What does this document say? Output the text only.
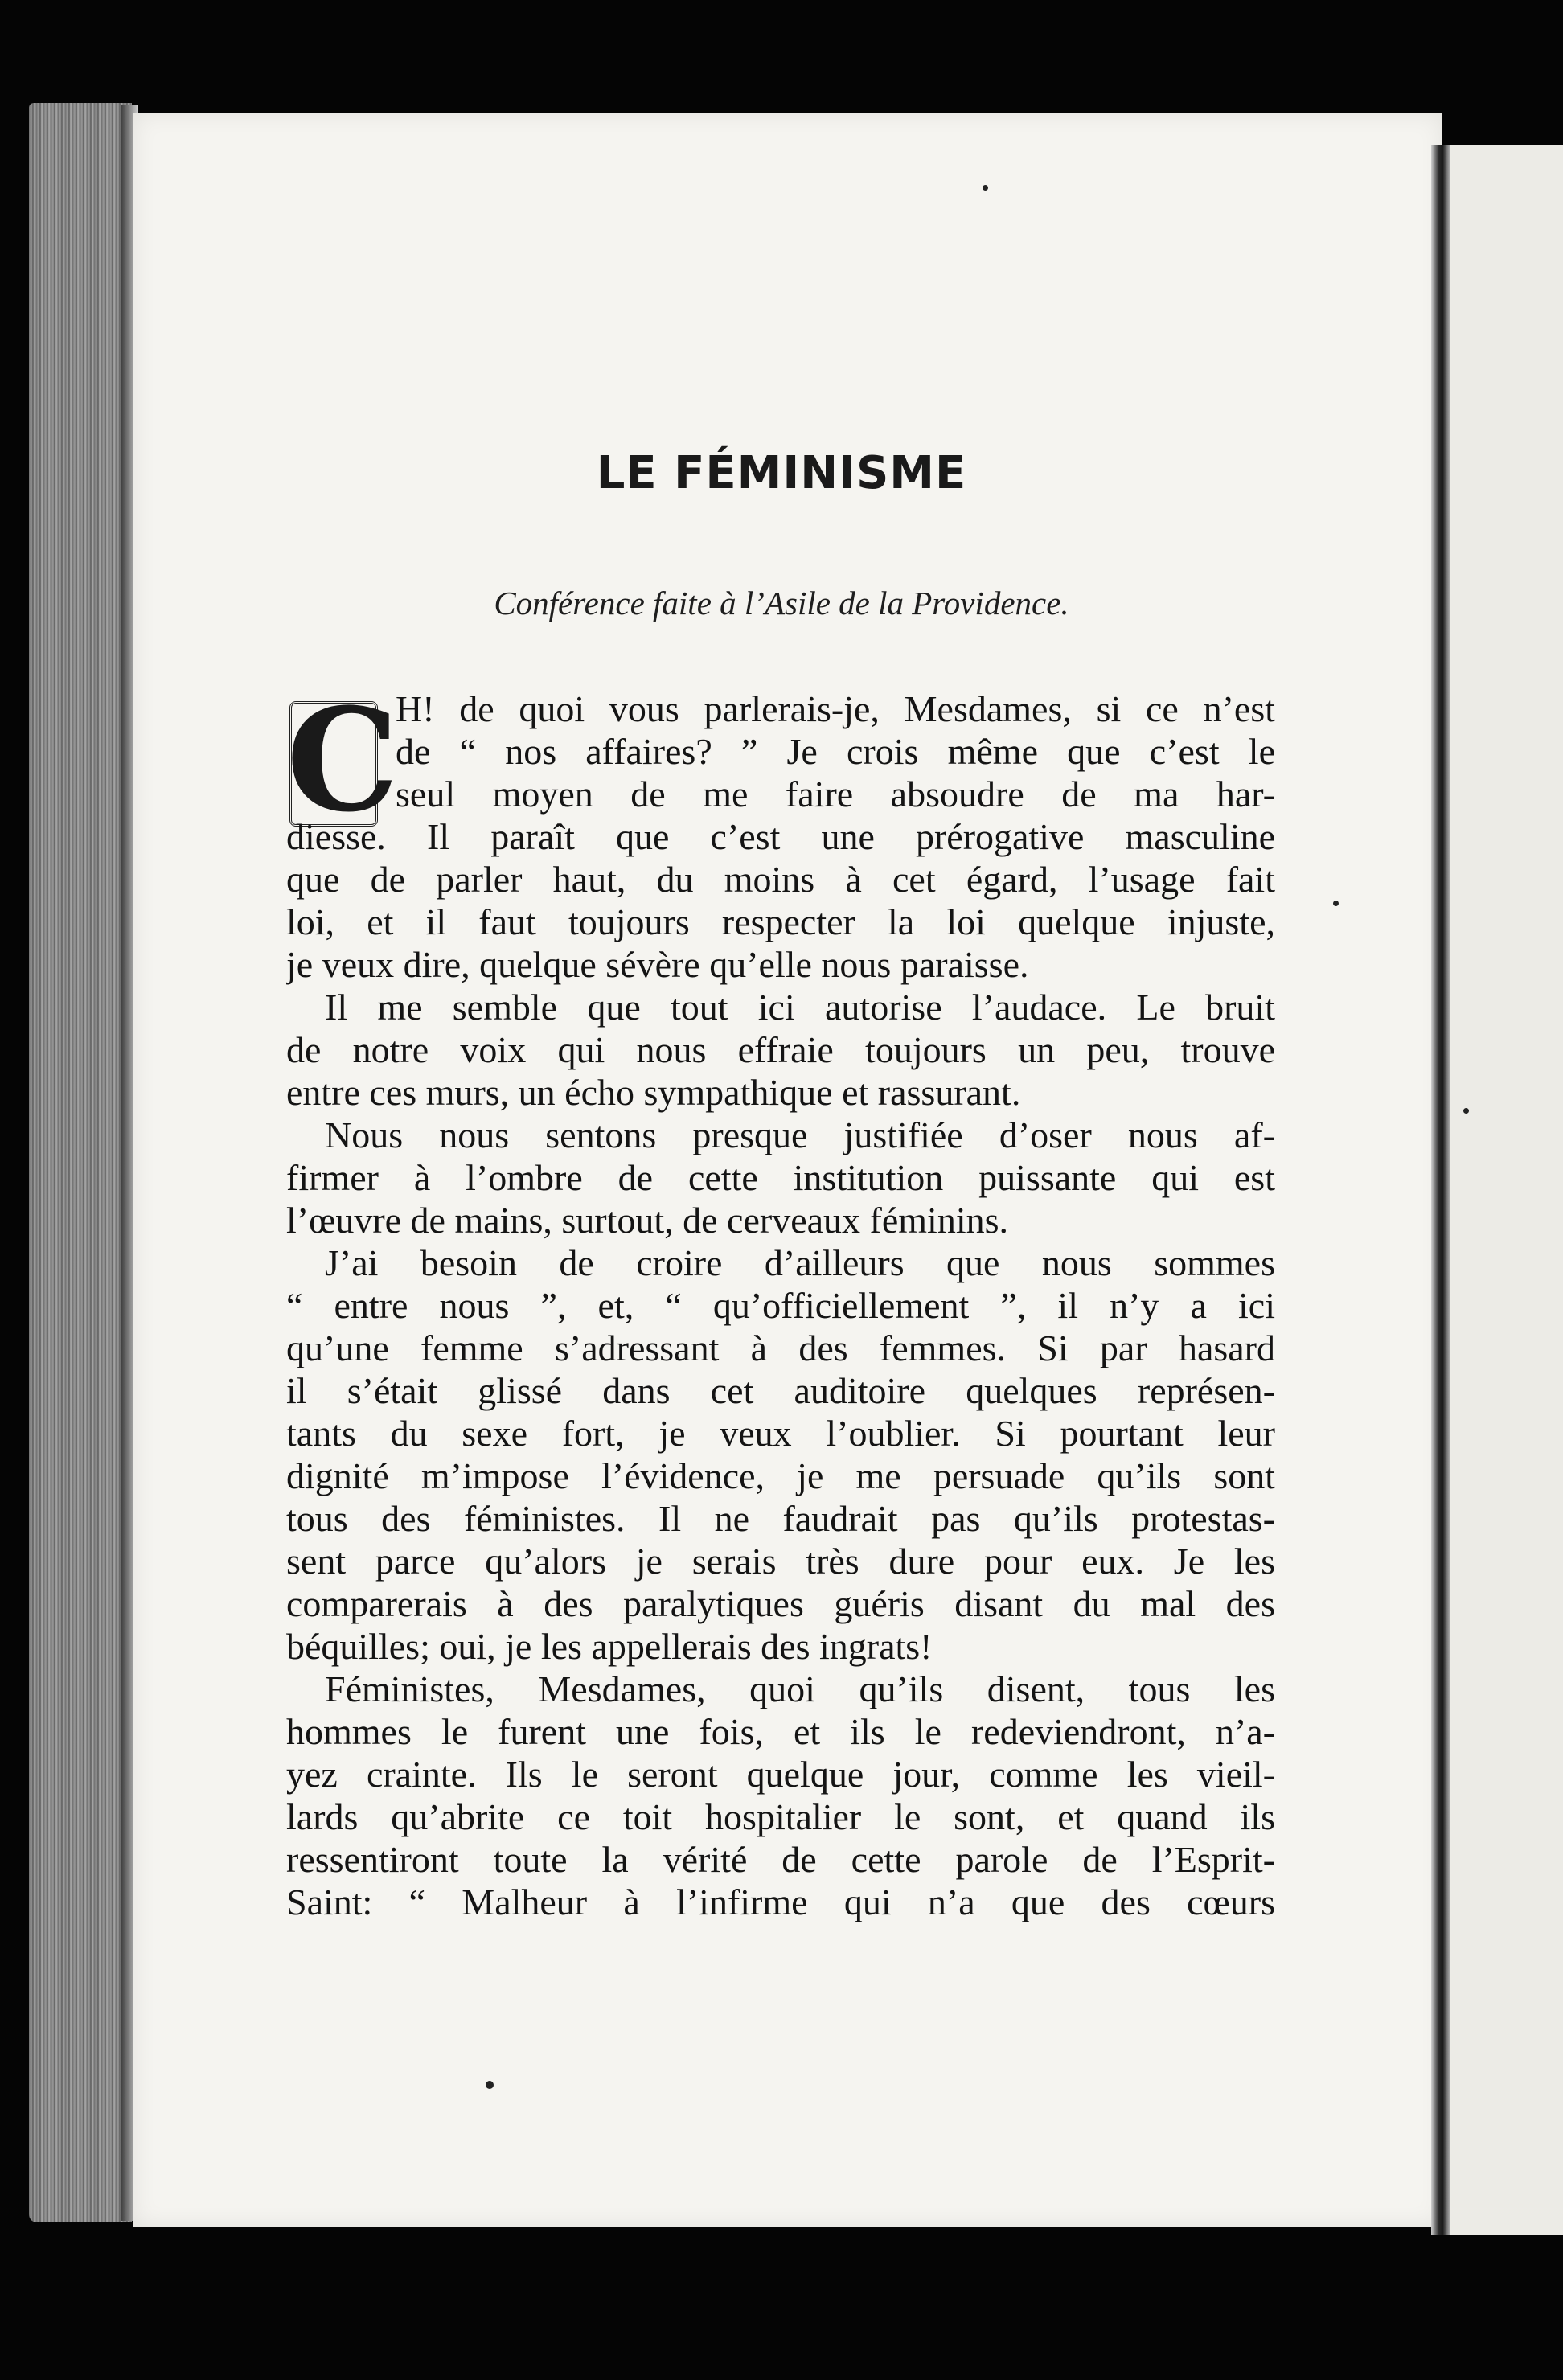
LE FÉMINISME
Conférence faite à l’Asile de la Providence.
C
H! de quoi vous parlerais-je, Mesdames, si ce n’est
de “ nos affaires? ” Je crois même que c’est le
seul moyen de me faire absoudre de ma har-
diesse. Il paraît que c’est une prérogative masculine
que de parler haut, du moins à cet égard, l’usage fait
loi, et il faut toujours respecter la loi quelque injuste,
je veux dire, quelque sévère qu’elle nous paraisse.
Il me semble que tout ici autorise l’audace. Le bruit
de notre voix qui nous effraie toujours un peu, trouve
entre ces murs, un écho sympathique et rassurant.
Nous nous sentons presque justifiée d’oser nous af-
firmer à l’ombre de cette institution puissante qui est
l’œuvre de mains, surtout, de cerveaux féminins.
J’ai besoin de croire d’ailleurs que nous sommes
“ entre nous ”, et, “ qu’officiellement ”, il n’y a ici
qu’une femme s’adressant à des femmes. Si par hasard
il s’était glissé dans cet auditoire quelques représen-
tants du sexe fort, je veux l’oublier. Si pourtant leur
dignité m’impose l’évidence, je me persuade qu’ils sont
tous des féministes. Il ne faudrait pas qu’ils protestas-
sent parce qu’alors je serais très dure pour eux. Je les
comparerais à des paralytiques guéris disant du mal des
béquilles; oui, je les appellerais des ingrats!
Féministes, Mesdames, quoi qu’ils disent, tous les
hommes le furent une fois, et ils le redeviendront, n’a-
yez crainte. Ils le seront quelque jour, comme les vieil-
lards qu’abrite ce toit hospitalier le sont, et quand ils
ressentiront toute la vérité de cette parole de l’Esprit-
Saint: “ Malheur à l’infirme qui n’a que des cœurs
